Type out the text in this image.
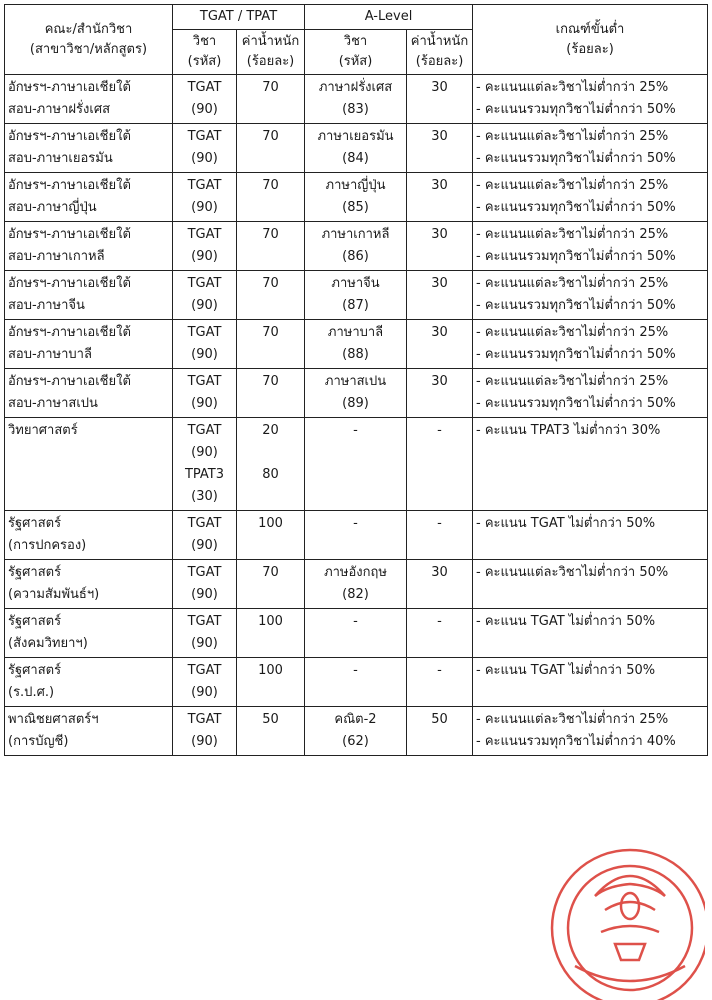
คณะ/สำนักวิชา
(สาขาวิชา/หลักสูตร)	TGAT / TPAT		A-Level		เกณฑ์ขั้นต่ำ
(ร้อยละ)

	วิชา
(รหัส)	ค่าน้ำหนัก
(ร้อยละ)	วิชา
(รหัส)	ค่าน้ำหนัก
(ร้อยละ)	

อักษรฯ-ภาษาเอเชียใต้
สอบ-ภาษาฝรั่งเศส	TGAT
(90)	70	ภาษาฝรั่งเศส
(83)	30	- คะแนนแต่ละวิชาไม่ต่ำกว่า 25%
- คะแนนรวมทุกวิชาไม่ต่ำกว่า 50%

อักษรฯ-ภาษาเอเชียใต้
สอบ-ภาษาเยอรมัน	TGAT
(90)	70	ภาษาเยอรมัน
(84)	30	- คะแนนแต่ละวิชาไม่ต่ำกว่า 25%
- คะแนนรวมทุกวิชาไม่ต่ำกว่า 50%

อักษรฯ-ภาษาเอเชียใต้
สอบ-ภาษาญี่ปุ่น	TGAT
(90)	70	ภาษาญี่ปุ่น
(85)	30	- คะแนนแต่ละวิชาไม่ต่ำกว่า 25%
- คะแนนรวมทุกวิชาไม่ต่ำกว่า 50%

อักษรฯ-ภาษาเอเชียใต้
สอบ-ภาษาเกาหลี	TGAT
(90)	70	ภาษาเกาหลี
(86)	30	- คะแนนแต่ละวิชาไม่ต่ำกว่า 25%
- คะแนนรวมทุกวิชาไม่ต่ำกว่า 50%

อักษรฯ-ภาษาเอเชียใต้
สอบ-ภาษาจีน	TGAT
(90)	70	ภาษาจีน
(87)	30	- คะแนนแต่ละวิชาไม่ต่ำกว่า 25%
- คะแนนรวมทุกวิชาไม่ต่ำกว่า 50%

อักษรฯ-ภาษาเอเชียใต้
สอบ-ภาษาบาลี	TGAT
(90)	70	ภาษาบาลี
(88)	30	- คะแนนแต่ละวิชาไม่ต่ำกว่า 25%
- คะแนนรวมทุกวิชาไม่ต่ำกว่า 50%

อักษรฯ-ภาษาเอเชียใต้
สอบ-ภาษาสเปน	TGAT
(90)	70	ภาษาสเปน
(89)	30	- คะแนนแต่ละวิชาไม่ต่ำกว่า 25%
- คะแนนรวมทุกวิชาไม่ต่ำกว่า 50%

วิทยาศาสตร์	TGAT
(90)
TPAT3
(30)	20
80	-	-	- คะแนน TPAT3 ไม่ต่ำกว่า 30%

รัฐศาสตร์
(การปกครอง)	TGAT
(90)	100	-	-	- คะแนน TGAT ไม่ต่ำกว่า 50%

รัฐศาสตร์
(ความสัมพันธ์ฯ)	TGAT
(90)	70	ภาษอังกฤษ
(82)	30	- คะแนนแต่ละวิชาไม่ต่ำกว่า 50%

รัฐศาสตร์
(สังคมวิทยาฯ)	TGAT
(90)	100	-	-	- คะแนน TGAT ไม่ต่ำกว่า 50%

รัฐศาสตร์
(ร.ป.ศ.)	TGAT
(90)	100	-	-	- คะแนน TGAT ไม่ต่ำกว่า 50%

พาณิชยศาสตร์ฯ
(การบัญชี)	TGAT
(90)	50	คณิต-2
(62)	50	- คะแนนแต่ละวิชาไม่ต่ำกว่า 25%
- คะแนนรวมทุกวิชาไม่ต่ำกว่า 40%
